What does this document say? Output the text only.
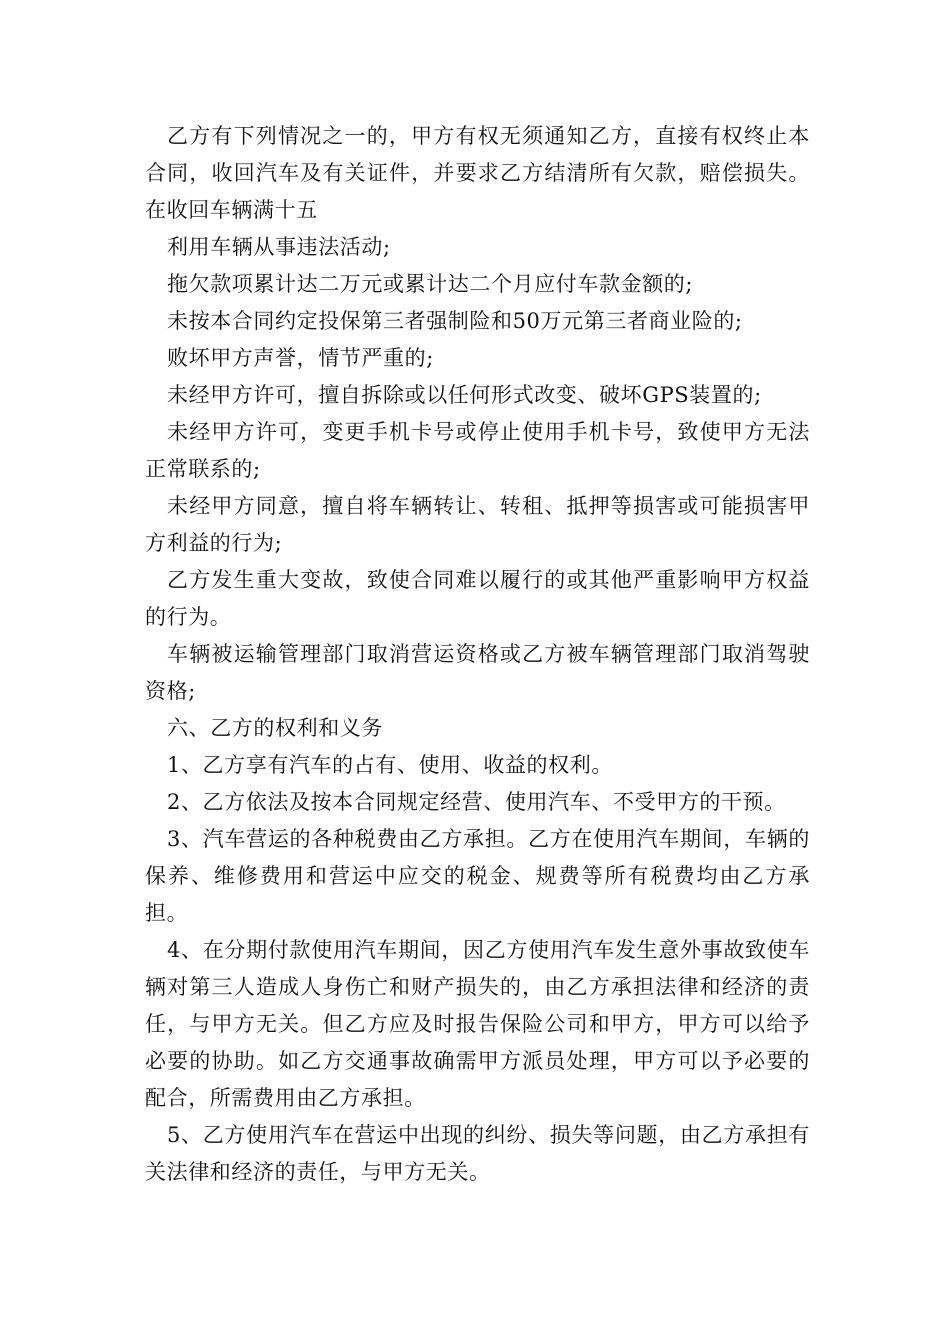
乙方有下列情况之一的，甲方有权无须通知乙方，直接有权终止本合同，收回汽车及有关证件，并要求乙方结清所有欠款，赔偿损失。在收回车辆满十五

利用车辆从事违法活动;

拖欠款项累计达二万元或累计达二个月应付车款金额的;

未按本合同约定投保第三者强制险和50万元第三者商业险的;

败坏甲方声誉，情节严重的;

未经甲方许可，擅自拆除或以任何形式改变、破坏GPS装置的;

未经甲方许可，变更手机卡号或停止使用手机卡号，致使甲方无法正常联系的;

未经甲方同意，擅自将车辆转让、转租、抵押等损害或可能损害甲方利益的行为;

乙方发生重大变故，致使合同难以履行的或其他严重影响甲方权益的行为。

车辆被运输管理部门取消营运资格或乙方被车辆管理部门取消驾驶资格;

六、乙方的权利和义务

1、乙方享有汽车的占有、使用、收益的权利。

2、乙方依法及按本合同规定经营、使用汽车、不受甲方的干预。

3、汽车营运的各种税费由乙方承担。乙方在使用汽车期间，车辆的保养、维修费用和营运中应交的税金、规费等所有税费均由乙方承担。

4、在分期付款使用汽车期间，因乙方使用汽车发生意外事故致使车辆对第三人造成人身伤亡和财产损失的，由乙方承担法律和经济的责任，与甲方无关。但乙方应及时报告保险公司和甲方，甲方可以给予必要的协助。如乙方交通事故确需甲方派员处理，甲方可以予必要的配合，所需费用由乙方承担。

5、乙方使用汽车在营运中出现的纠纷、损失等问题，由乙方承担有关法律和经济的责任，与甲方无关。
